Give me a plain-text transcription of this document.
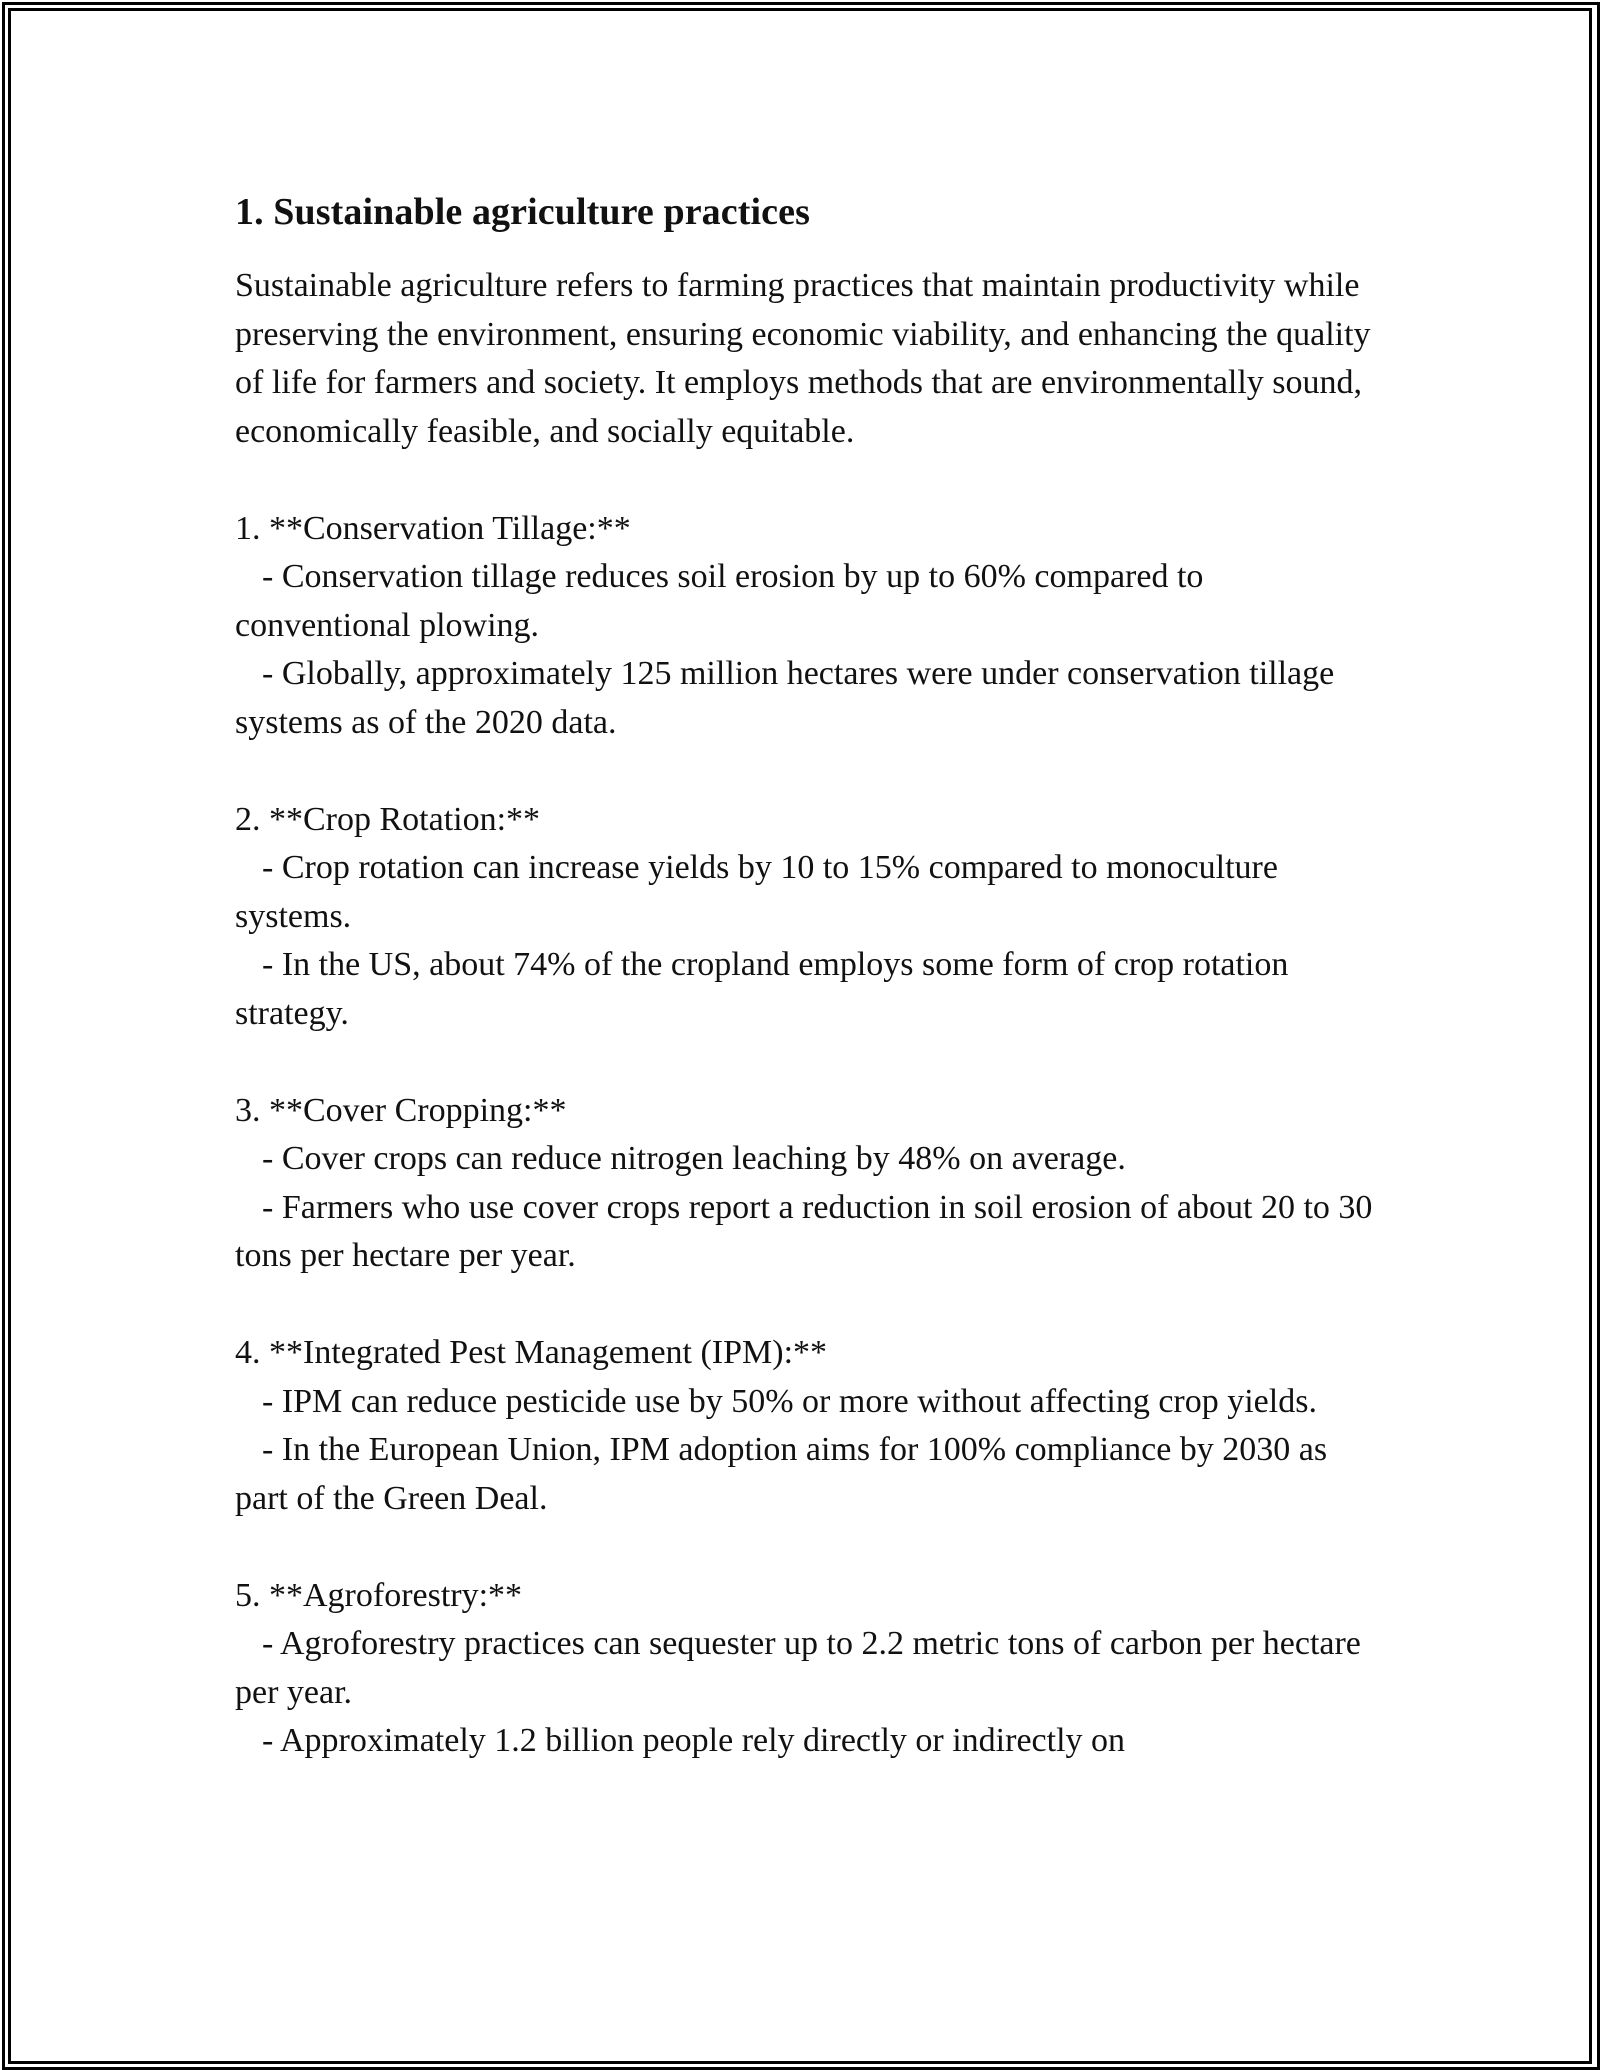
1. Sustainable agriculture practices

Sustainable agriculture refers to farming practices that maintain productivity while preserving the environment, ensuring economic viability, and enhancing the quality of life for farmers and society. It employs methods that are environmentally sound, economically feasible, and socially equitable.

1. **Conservation Tillage:**

- Conservation tillage reduces soil erosion by up to 60% compared to conventional plowing.

- Globally, approximately 125 million hectares were under conservation tillage systems as of the 2020 data.

2. **Crop Rotation:**

- Crop rotation can increase yields by 10 to 15% compared to monoculture systems.

- In the US, about 74% of the cropland employs some form of crop rotation strategy.

3. **Cover Cropping:**

- Cover crops can reduce nitrogen leaching by 48% on average.

- Farmers who use cover crops report a reduction in soil erosion of about 20 to 30 tons per hectare per year.

4. **Integrated Pest Management (IPM):**

- IPM can reduce pesticide use by 50% or more without affecting crop yields.

- In the European Union, IPM adoption aims for 100% compliance by 2030 as part of the Green Deal.

5. **Agroforestry:**

- Agroforestry practices can sequester up to 2.2 metric tons of carbon per hectare per year.

- Approximately 1.2 billion people rely directly or indirectly on
